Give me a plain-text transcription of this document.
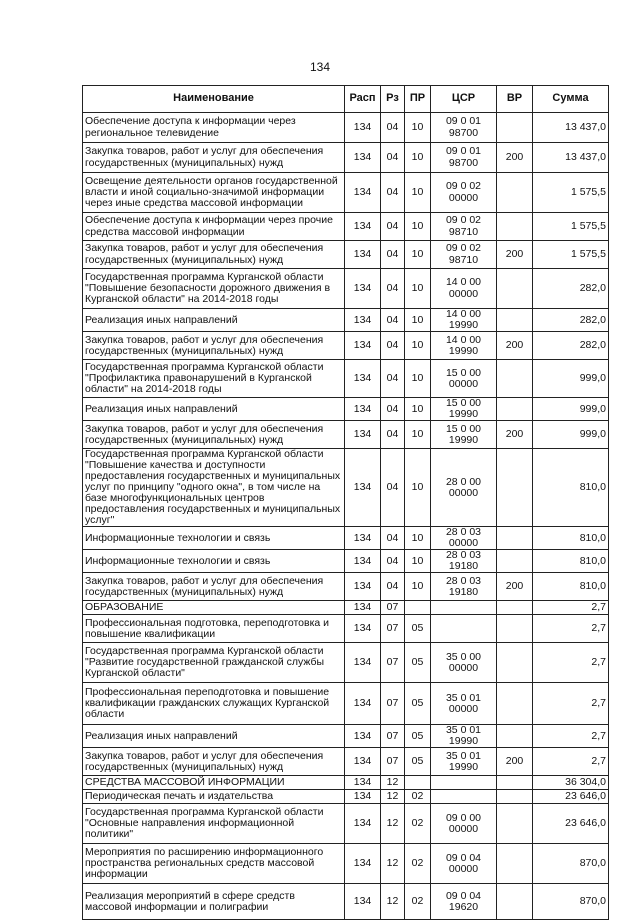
134
Наименование	Расп	Рз	ПР	ЦСР	ВР	Сумма
Обеспечение доступа к информации через региональное телевидение	134	04	10	09 0 01 98700		13 437,0
Закупка товаров, работ и услуг для обеспечения государственных (муниципальных) нужд	134	04	10	09 0 01 98700	200	13 437,0
Освещение деятельности органов государственной власти и иной социально-значимой информации через иные средства массовой информации	134	04	10	09 0 02 00000		1 575,5
Обеспечение доступа к информации через прочие средства массовой информации	134	04	10	09 0 02 98710		1 575,5
Закупка товаров, работ и услуг для обеспечения государственных (муниципальных) нужд	134	04	10	09 0 02 98710	200	1 575,5
Государственная программа Курганской области "Повышение безопасности дорожного движения в Курганской области" на 2014-2018 годы	134	04	10	14 0 00 00000		282,0
Реализация иных направлений	134	04	10	14 0 00 19990		282,0
Закупка товаров, работ и услуг для обеспечения государственных (муниципальных) нужд	134	04	10	14 0 00 19990	200	282,0
Государственная программа Курганской области "Профилактика правонарушений в Курганской области" на 2014-2018 годы	134	04	10	15 0 00 00000		999,0
Реализация иных направлений	134	04	10	15 0 00 19990		999,0
Закупка товаров, работ и услуг для обеспечения государственных (муниципальных) нужд	134	04	10	15 0 00 19990	200	999,0
Государственная программа Курганской области "Повышение качества и доступности предоставления государственных и муниципальных услуг по принципу "одного окна", в том числе на базе многофункциональных центров предоставления государственных и муниципальных услуг"	134	04	10	28 0 00 00000		810,0
Информационные технологии и связь	134	04	10	28 0 03 00000		810,0
Информационные технологии и связь	134	04	10	28 0 03 19180		810,0
Закупка товаров, работ и услуг для обеспечения государственных (муниципальных) нужд	134	04	10	28 0 03 19180	200	810,0
ОБРАЗОВАНИЕ	134	07				2,7
Профессиональная подготовка, переподготовка и повышение квалификации	134	07	05			2,7
Государственная программа Курганской области "Развитие государственной гражданской службы Курганской области"	134	07	05	35 0 00 00000		2,7
Профессиональная переподготовка и повышение квалификации гражданских служащих Курганской области	134	07	05	35 0 01 00000		2,7
Реализация иных направлений	134	07	05	35 0 01 19990		2,7
Закупка товаров, работ и услуг для обеспечения государственных (муниципальных) нужд	134	07	05	35 0 01 19990	200	2,7
СРЕДСТВА МАССОВОЙ ИНФОРМАЦИИ	134	12				36 304,0
Периодическая печать и издательства	134	12	02			23 646,0
Государственная программа Курганской области "Основные направления информационной политики"	134	12	02	09 0 00 00000		23 646,0
Мероприятия по расширению информационного пространства региональных средств массовой информации	134	12	02	09 0 04 00000		870,0
Реализация мероприятий в сфере средств массовой информации и полиграфии	134	12	02	09 0 04 19620		870,0
